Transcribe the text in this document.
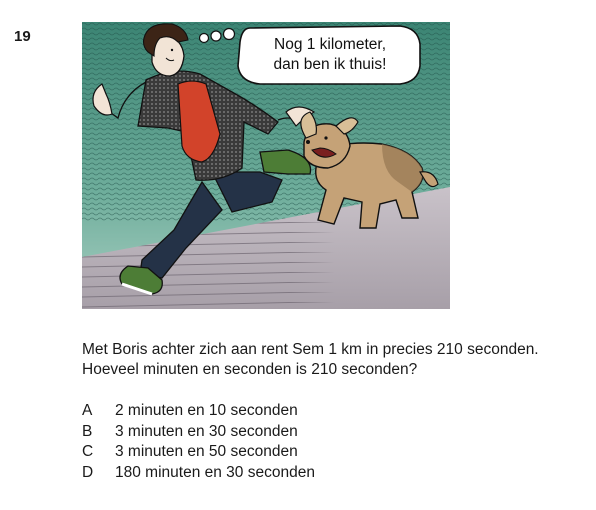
19	Nog 1 kilometer,
dan ben ik thuis!
Met Boris achter zich aan rent Sem 1 km in precies 210 seconden.
Hoeveel minuten en seconden is 210 seconden?
A	2 minuten en 10 seconden
B	3 minuten en 30 seconden
C	3 minuten en 50 seconden
D	180 minuten en 30 seconden
